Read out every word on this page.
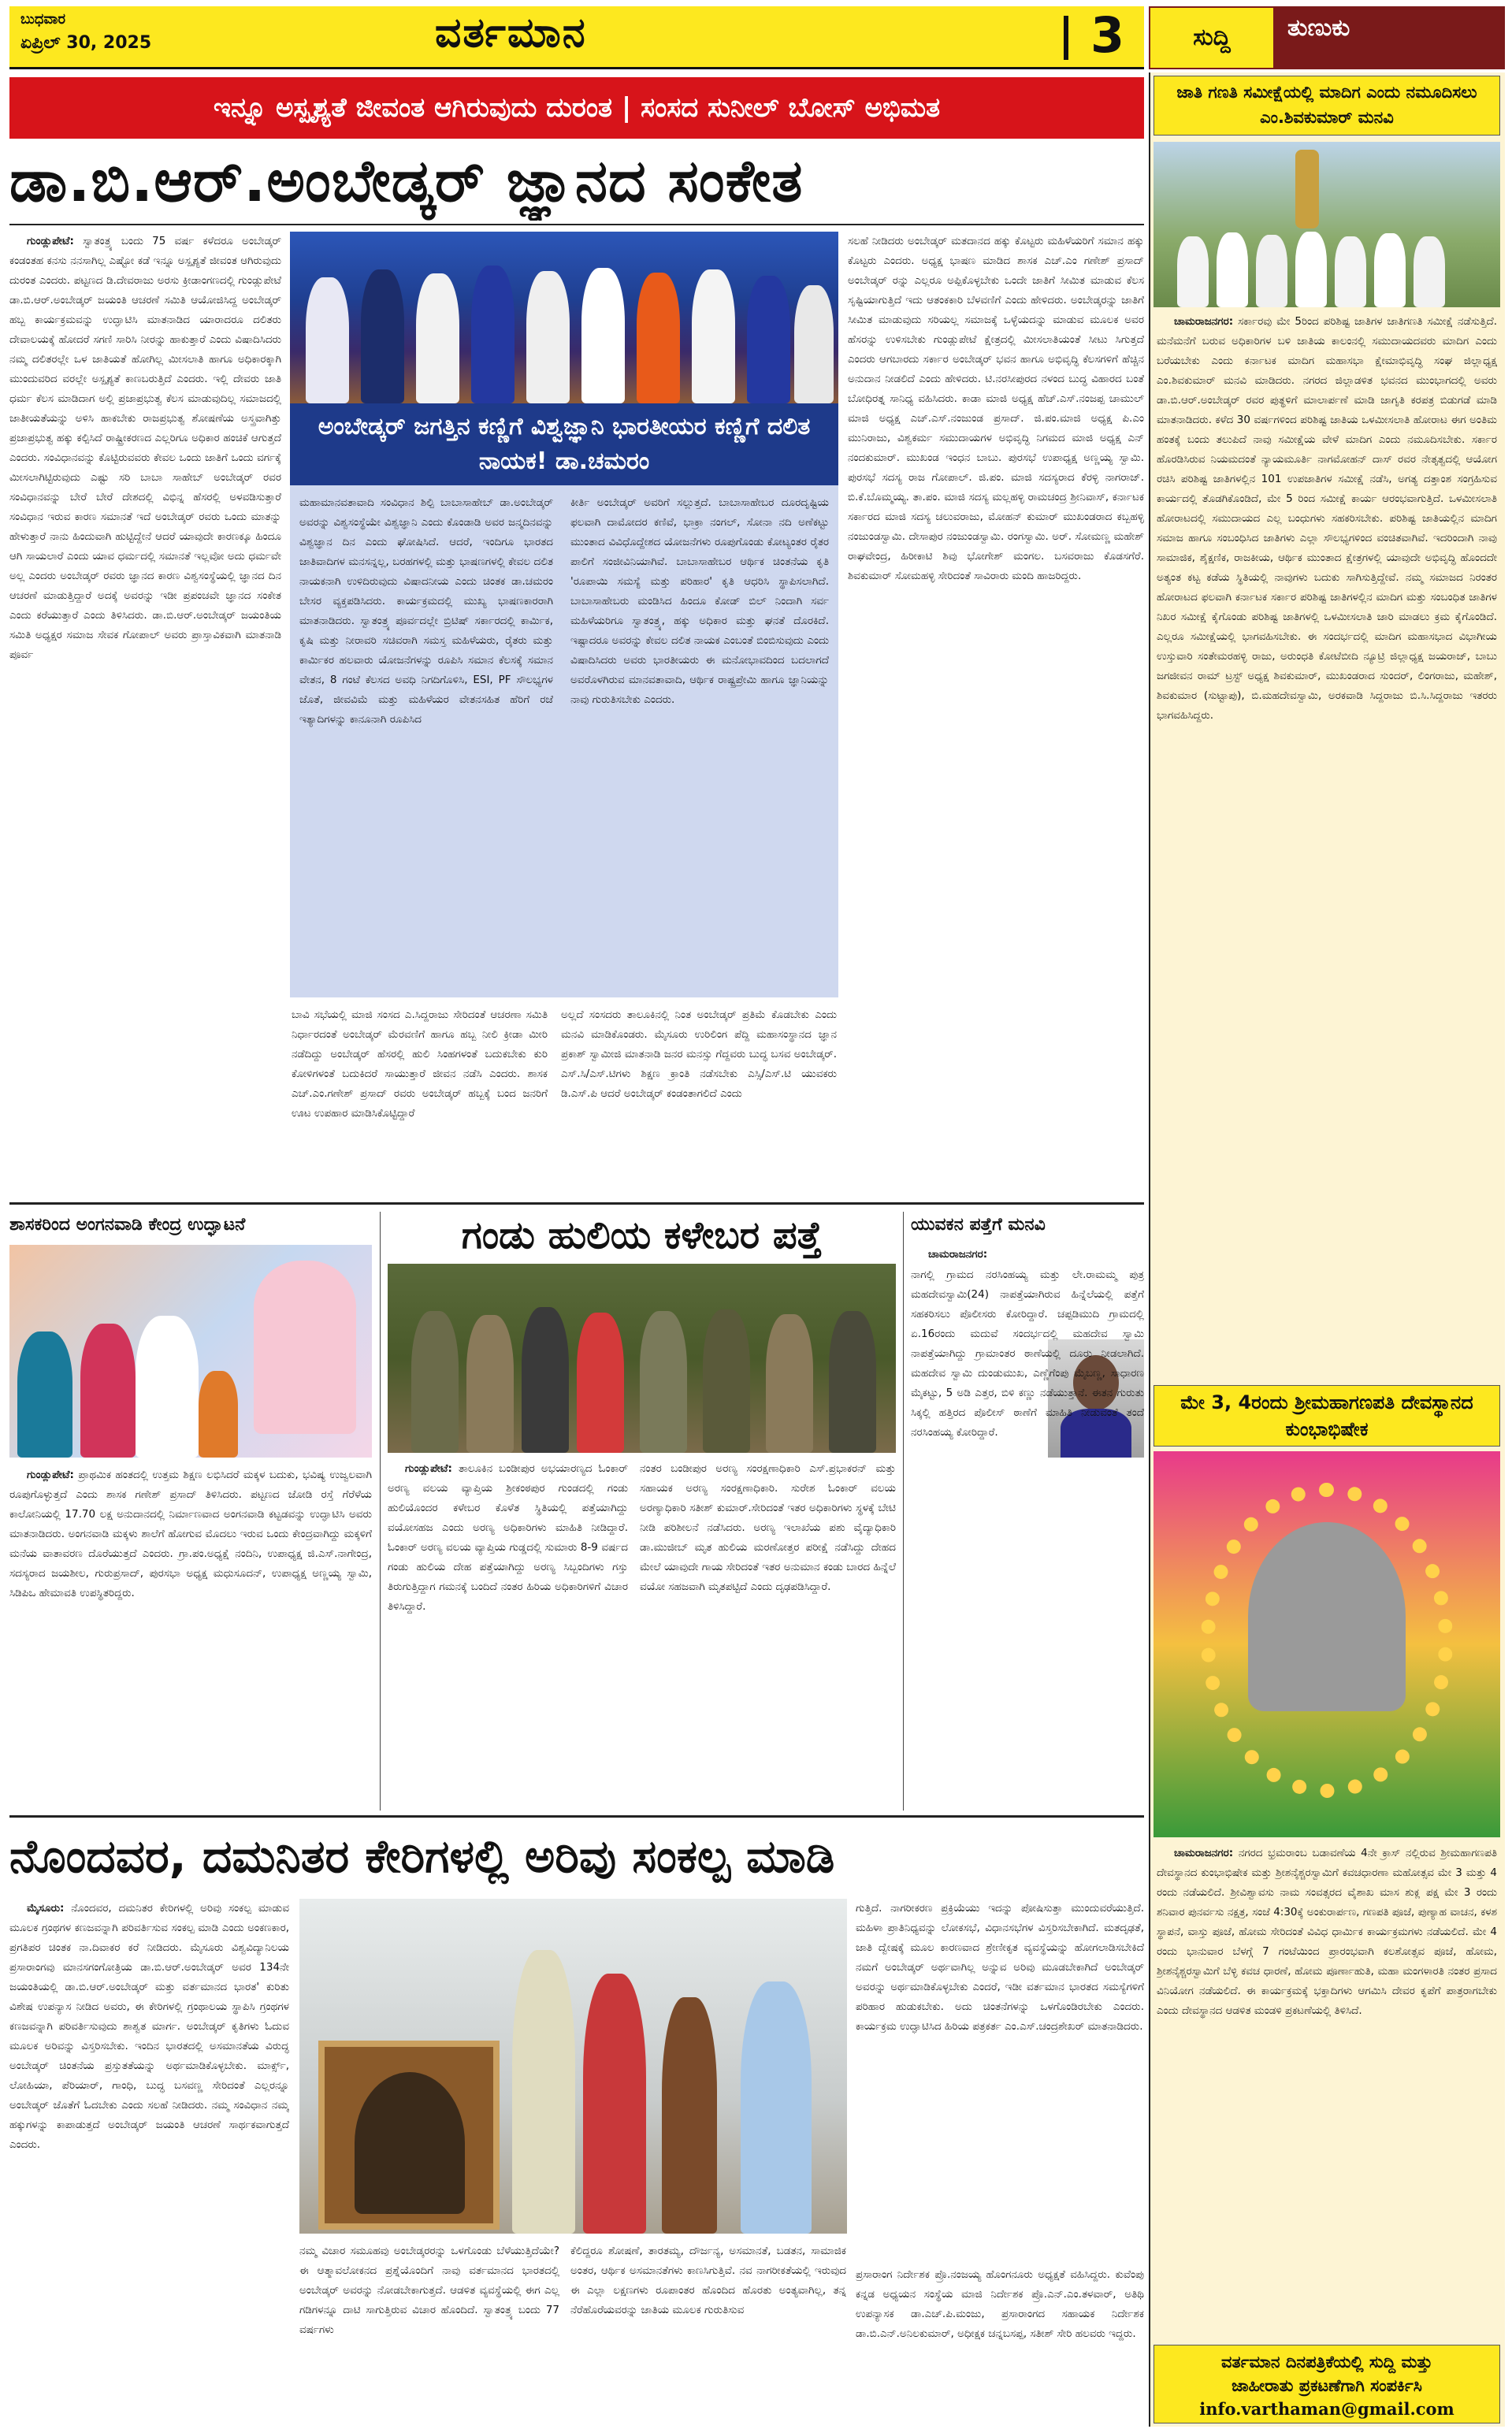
ಬುಧವಾರ
ಏಪ್ರಿಲ್ 30, 2025	ವರ್ತಮಾನ	3	ಸುದ್ದಿ	ತುಣುಕು
ಇನ್ನೂ ಅಸ್ಪೃಶ್ಯತೆ ಜೀವಂತ ಆಗಿರುವುದು ದುರಂತ | ಸಂಸದ ಸುನೀಲ್ ಬೋಸ್ ಅಭಿಮತ
ಡಾ.ಬಿ.ಆರ್.ಅಂಬೇಡ್ಕರ್ ಜ್ಞಾನದ ಸಂಕೇತ

ಗುಂಡ್ಲುಪೇಟೆ: ಸ್ವಾತಂತ್ರ್ಯ ಬಂದು 75 ವರ್ಷ ಕಳೆದರೂ ಅಂಬೇಡ್ಕರ್ ಕಂಡಂತಹ ಕನಸು ನನಸಾಗಿಲ್ಲ ಎಷ್ಟೋ ಕಡೆ ಇನ್ನೂ ಅಸ್ಪೃಶ್ಯತೆ ಜೀವಂತ ಆಗಿರುವುದು ದುರಂತ ಎಂದರು. ಪಟ್ಟಣದ ಡಿ.ದೇವರಾಜು ಅರಸು ಕ್ರೀಡಾಂಗಣದಲ್ಲಿ ಗುಂಡ್ಲುಪೇಟೆ ಡಾ.ಬಿ.ಆರ್.ಅಂಬೇಡ್ಕರ್ ಜಯಂತಿ ಆಚರಣೆ ಸಮಿತಿ ಆಯೋಜಿಸಿದ್ದ ಅಂಬೇಡ್ಕರ್ ಹಬ್ಬ ಕಾರ್ಯಕ್ರಮವನ್ನು ಉದ್ಘಾಟಿಸಿ ಮಾತನಾಡಿದ ಯಾರಾದರೂ ದಲಿತರು ದೇವಾಲಯಕ್ಕೆ ಹೋದರೆ ಸಗಣಿ ಸಾರಿಸಿ ನೀರನ್ನು ಹಾಕುತ್ತಾರೆ ಎಂದು ವಿಷಾದಿಸಿದರು ನಮ್ಮ ದಲಿತರಲ್ಲೇ ಒಳ ಜಾತಿಯತೆ ಹೋಗಿಲ್ಲ ಮೀಸಲಾತಿ ಹಾಗೂ ಅಧಿಕಾರಕ್ಕಾಗಿ ಮುಂದುವರಿದ ವರಲ್ಲೇ ಅಸ್ಪೃಶ್ಯತೆ ಕಾಣಬರುತ್ತಿದೆ ಎಂದರು. ಇಲ್ಲಿ ದೇವರು ಜಾತಿ ಧರ್ಮ ಕೆಲಸ ಮಾಡಿದಾಗ ಅಲ್ಲಿ ಪ್ರಜಾಪ್ರಭುತ್ವ ಕೆಲಸ ಮಾಡುವುದಿಲ್ಲ ಸಮಾಜದಲ್ಲಿ ಜಾತೀಯತೆಯನ್ನು ಅಳಿಸಿ ಹಾಕಬೇಕು ರಾಜಪ್ರಭುತ್ವ ಶೋಷಣೆಯ ಅಸ್ತ್ರವಾಗಿತ್ತು ಪ್ರಜಾಪ್ರಭುತ್ವ ಹಕ್ಕು ಕಲ್ಪಿಸಿದೆ ರಾಷ್ಟ್ರೀಕರಣದ ಎಲ್ಲರಿಗೂ ಅಧಿಕಾರ ಹಂಚಿಕೆ ಆಗುತ್ತದೆ ಎಂದರು. ಸಂವಿಧಾನವನ್ನು ಕೊಟ್ಟಿರುವವರು ಕೇವಲ ಒಂದು ಜಾತಿಗೆ ಒಂದು ವರ್ಗಕ್ಕೆ ಮೀಸಲಾಗಿಟ್ಟಿರುವುದು ಎಷ್ಟು ಸರಿ ಬಾಬಾ ಸಾಹೇಬ್ ಅಂಬೇಡ್ಕರ್ ರವರ ಸಂವಿಧಾನವನ್ನು ಬೇರೆ ಬೇರೆ ದೇಶದಲ್ಲಿ ವಿಭಿನ್ನ ಹೆಸರಲ್ಲಿ ಅಳವಡಿಸುತ್ತಾರೆ ಸಂವಿಧಾನ ಇರುವ ಕಾರಣ ಸಮಾನತೆ ಇದೆ ಅಂಬೇಡ್ಕರ್ ರವರು ಒಂದು ಮಾತನ್ನು ಹೇಳುತ್ತಾರೆ ನಾನು ಹಿಂದುವಾಗಿ ಹುಟ್ಟಿದ್ದೇನೆ ಆದರೆ ಯಾವುದೇ ಕಾರಣಕ್ಕೂ ಹಿಂದೂ ಆಗಿ ಸಾಯಲಾರೆ ಎಂದು ಯಾವ ಧರ್ಮದಲ್ಲಿ ಸಮಾನತೆ ಇಲ್ಲವೋ ಅದು ಧರ್ಮವೇ ಅಲ್ಲ ಎಂದರು ಅಂಬೇಡ್ಕರ್ ರವರು ಜ್ಞಾನದ ಕಾರಣ ವಿಶ್ವಸಂಸ್ಥೆಯಲ್ಲಿ ಜ್ಞಾನದ ದಿನ ಆಚರಣೆ ಮಾಡುತ್ತಿದ್ದಾರೆ ಅದಕ್ಕೆ ಅವರನ್ನು ಇಡೀ ಪ್ರಪಂಚವೇ ಜ್ಞಾನದ ಸಂಕೇತ ಎಂದು ಕರೆಯುತ್ತಾರೆ ಎಂದು ತಿಳಿಸಿದರು. ಡಾ.ಬಿ.ಆರ್.ಅಂಬೇಡ್ಕರ್ ಜಯಂತಿಯ ಸಮಿತಿ ಅಧ್ಯಕ್ಷರ ಸಮಾಜ ಸೇವಕ ಗೋಪಾಲ್ ಅವರು ಪ್ರಾಸ್ತಾವಿಕವಾಗಿ ಮಾತನಾಡಿ ಪೂರ್ವ

ಅಂಬೇಡ್ಕರ್ ಜಗತ್ತಿನ ಕಣ್ಣಿಗೆ ವಿಶ್ವಜ್ಞಾನಿ ಭಾರತೀಯರ ಕಣ್ಣಿಗೆ ದಲಿತ ನಾಯಕ! ಡಾ.ಚಮರಂ
ಮಹಾಮಾನವತಾವಾದಿ ಸಂವಿಧಾನ ಶಿಲ್ಪಿ ಬಾಬಾಸಾಹೇಬ್ ಡಾ.ಅಂಬೇಡ್ಕರ್ ಅವರನ್ನು ವಿಶ್ವಸಂಸ್ಥೆಯೇ ವಿಶ್ವಜ್ಞಾನಿ ಎಂದು ಕೊಂಡಾಡಿ ಅವರ ಜನ್ಮದಿನವನ್ನು ವಿಶ್ವಜ್ಞಾನ ದಿನ ಎಂದು ಘೋಷಿಸಿದೆ. ಆದರೆ, ಇಂದಿಗೂ ಭಾರತದ ಜಾತಿವಾದಿಗಳ ಮನಸನ್ನಲ್ಲ, ಬರಹಗಳಲ್ಲಿ ಮತ್ತು ಭಾಷಣಗಳಲ್ಲಿ ಕೇವಲ ದಲಿತ ನಾಯಕನಾಗಿ ಉಳಿದಿರುವುದು ವಿಷಾದನೀಯ ಎಂದು ಚಿಂತಕ ಡಾ.ಚಮರಂ ಬೇಸರ ವ್ಯಕ್ತಪಡಿಸಿದರು. ಕಾರ್ಯಕ್ರಮದಲ್ಲಿ ಮುಖ್ಯ ಭಾಷಣಕಾರರಾಗಿ ಮಾತನಾಡಿದರು. ಸ್ವಾತಂತ್ರ್ಯ ಪೂರ್ವದಲ್ಲೇ ಬ್ರಿಟಿಷ್ ಸರ್ಕಾರದಲ್ಲಿ ಕಾರ್ಮಿಕ, ಕೃಷಿ ಮತ್ತು ನೀರಾವರಿ ಸಚಿವರಾಗಿ ಸಮಸ್ತ ಮಹಿಳೆಯರು, ರೈತರು ಮತ್ತು ಕಾರ್ಮಿಕರ ಹಲವಾರು ಯೋಜನೆಗಳನ್ನು ರೂಪಿಸಿ ಸಮಾನ ಕೆಲಸಕ್ಕೆ ಸಮಾನ ವೇತನ, 8 ಗಂಟೆ ಕೆಲಸದ ಅವಧಿ ನಿಗದಿಗೊಳಿಸಿ, ESI, PF ಸೌಲಭ್ಯಗಳ ಜೊತೆ, ಜೀವವಿಮೆ ಮತ್ತು ಮಹಿಳೆಯರ ವೇತನಸಹಿತ ಹೆರಿಗೆ ರಜೆ ಇತ್ಯಾದಿಗಳನ್ನು ಕಾನೂನಾಗಿ ರೂಪಿಸಿದ
ಕೀರ್ತಿ ಅಂಬೇಡ್ಕರ್ ಅವರಿಗೆ ಸಲ್ಲುತ್ತದೆ. ಬಾಬಾಸಾಹೇಬರ ದೂರದೃಷ್ಟಿಯ ಫಲವಾಗಿ ದಾಮೋದರ ಕಣಿವೆ, ಭಾಕ್ರಾ ನಂಗಲ್, ಸೋನಾ ನದಿ ಅಣೆಕಟ್ಟು ಮುಂತಾದ ವಿವಿಧೊದ್ದೇಶದ ಯೋಜನೆಗಳು ರೂಪುಗೊಂಡು ಕೋಟ್ಯಂತರ ರೈತರ ಪಾಲಿಗೆ ಸಂಜೀವಿನಿಯಾಗಿವೆ. ಬಾಬಾಸಾಹೇಬರ ಆರ್ಥಿಕ ಚಿಂತನೆಯ ಕೃತಿ 'ರೂಪಾಯಿ ಸಮಸ್ಯೆ ಮತ್ತು ಪರಿಹಾರ' ಕೃತಿ ಆಧರಿಸಿ ಸ್ಥಾಪಿಸಲಾಗಿದೆ. ಬಾಬಾಸಾಹೇಬರು ಮಂಡಿಸಿದ ಹಿಂದೂ ಕೋಡ್ ಬಿಲ್ ನಿಂದಾಗಿ ಸರ್ವ ಮಹಿಳೆಯರಿಗೂ ಸ್ವಾತಂತ್ರ್ಯ, ಹಕ್ಕು ಅಧಿಕಾರ ಮತ್ತು ಘನತೆ ದೊರಕಿದೆ. ಇಷ್ಟಾದರೂ ಅವರನ್ನು ಕೇವಲ ದಲಿತ ನಾಯಕ ಎಂಬಂತೆ ಬಿಂಬಿಸುವುದು ಎಂದು ವಿಷಾದಿಸಿದರು ಅವರು ಭಾರತೀಯರು ಈ ಮನೋಭಾವದಿಂದ ಬದಲಾಗದೆ ಅವರೊಳಗಿರುವ ಮಾನವತಾವಾದಿ, ಆರ್ಥಿಕ ರಾಷ್ಟ್ರಪ್ರೇಮಿ ಹಾಗೂ ಜ್ಞಾನಿಯನ್ನು ನಾವು ಗುರುತಿಸಬೇಕು ಎಂದರು.
ಬಾವಿ ಸಭೆಯಲ್ಲಿ ಮಾಜಿ ಸಂಸದ ಎ.ಸಿದ್ದರಾಜು ಸೇರಿದಂತೆ ಆಚರಣಾ ಸಮಿತಿ ನಿರ್ಧಾರದಂತೆ ಅಂಬೇಡ್ಕರ್ ಮೆರವಣಿಗೆ ಹಾಗೂ ಹಬ್ಬ ನೀಲಿ ಕ್ರೀಡಾ ಮೀರಿ ನಡೆದಿದ್ದು ಅಂಬೇಡ್ಕರ್ ಹೆಸರಲ್ಲಿ ಹುಲಿ ಸಿಂಹಗಳಂತೆ ಬದುಕಬೇಕು ಕುರಿ ಕೋಳಿಗಳಂತೆ ಬದುಕಿದರೆ ಸಾಯುತ್ತಾರೆ ಜೀವನ ನಡೆಸಿ ಎಂದರು. ಶಾಸಕ ಎಚ್.ಎಂ.ಗಣೇಶ್ ಪ್ರಸಾದ್ ರವರು ಅಂಬೇಡ್ಕರ್ ಹಬ್ಬಕ್ಕೆ ಬಂದ ಜನರಿಗೆ ಊಟ ಉಪಹಾರ ಮಾಡಿಸಿಕೊಟ್ಟಿದ್ದಾರೆ
ಅಲ್ಲದೆ ಸಂಸದರು ತಾಲೂಕಿನಲ್ಲಿ ನಿಂತ ಅಂಬೇಡ್ಕರ್ ಪ್ರತಿಮೆ ಕೊಡಬೇಕು ಎಂದು ಮನವಿ ಮಾಡಿಕೊಂಡರು. ಮೈಸೂರು ಉರಿಲಿಂಗ ಪೆದ್ದಿ ಮಹಾಸಂಸ್ಥಾನದ ಜ್ಞಾನ ಪ್ರಕಾಶ್ ಸ್ವಾಮೀಜಿ ಮಾತನಾಡಿ ಜನರ ಮನಸ್ಸು ಗೆದ್ದವರು ಬುದ್ಧ ಬಸವ ಅಂಬೇಡ್ಕರ್. ಎಸ್.ಸಿ/ಎಸ್.ಟಿಗಳು ಶಿಕ್ಷಣ ಕ್ರಾಂತಿ ನಡೆಸಬೇಕು ಎಸ್ಸಿ/ಎಸ್.ಟಿ ಯುವಕರು ಡಿ.ಎಸ್.ಪಿ ಆದರೆ ಅಂಬೇಡ್ಕರ್ ಕಂಡಂತಾಗಲಿದೆ ಎಂದು
ಸಲಹೆ ನೀಡಿದರು ಅಂಬೇಡ್ಕರ್ ಮತದಾನದ ಹಕ್ಕು ಕೊಟ್ಟರು ಮಹಿಳೆಯರಿಗೆ ಸಮಾನ ಹಕ್ಕು ಕೊಟ್ಟರು ಎಂದರು. ಅಧ್ಯಕ್ಷ ಭಾಷಣ ಮಾಡಿದ ಶಾಸಕ ಎಚ್.ಎಂ ಗಣೇಶ್ ಪ್ರಸಾದ್ ಅಂಬೇಡ್ಕರ್ ರನ್ನು ಎಲ್ಲರೂ ಅಪ್ಪಿಕೊಳ್ಳಬೇಕು ಒಂದೇ ಜಾತಿಗೆ ಸೀಮಿತ ಮಾಡುವ ಕೆಲಸ ಸೃಷ್ಟಿಯಾಗುತ್ತಿದೆ ಇದು ಆತಂಕಕಾರಿ ಬೆಳವಣಿಗೆ ಎಂದು ಹೇಳಿದರು. ಅಂಬೇಡ್ಕರನ್ನು ಜಾತಿಗೆ ಸೀಮಿತ ಮಾಡುವುದು ಸರಿಯಲ್ಲ ಸಮಾಜಕ್ಕೆ ಒಳ್ಳೆಯದನ್ನು ಮಾಡುವ ಮೂಲಕ ಅವರ ಹೆಸರನ್ನು ಉಳಿಸಬೇಕು ಗುಂಡ್ಲುಪೇಟೆ ಕ್ಷೇತ್ರದಲ್ಲಿ ಮೀಸಲಾತಿಯಂತೆ ಸೀಟು ಸಿಗುತ್ತದೆ ಎಂದರು ಆಗಬಾರದು ಸರ್ಕಾರ ಅಂಬೇಡ್ಕರ್ ಭವನ ಹಾಗೂ ಅಭಿವೃದ್ಧಿ ಕೆಲಸಗಳಿಗೆ ಹೆಚ್ಚಿನ ಅನುದಾನ ನೀಡಲಿದೆ ಎಂದು ಹೇಳಿದರು. ಟಿ.ನರಸೀಪುರದ ನಳಂದ ಬುದ್ಧ ವಿಹಾರದ ಬಂತೆ ಬೋಧಿರತ್ನ ಸಾನಿಧ್ಯ ವಹಿಸಿದರು. ಕಾಡಾ ಮಾಜಿ ಅಧ್ಯಕ್ಷ ಹೆಚ್.ಎಸ್.ನಂಜಪ್ಪ ಚಾಮುಲ್ ಮಾಜಿ ಅಧ್ಯಕ್ಷ ಎಚ್.ಎಸ್.ನಂಜುಂಡ ಪ್ರಸಾದ್. ಜಿ.ಪಂ.ಮಾಜಿ ಅಧ್ಯಕ್ಷ ಪಿ.ಎಂ ಮುನಿರಾಜು, ವಿಶ್ವಕರ್ಮ ಸಮುದಾಯಗಳ ಅಭಿವೃದ್ಧಿ ನಿಗಮದ ಮಾಜಿ ಅಧ್ಯಕ್ಷ ಎನ್ ನಂದಕುಮಾರ್. ಮುಖಂಡ ಇಂಧನ ಬಾಬು. ಪುರಸಭೆ ಉಪಾಧ್ಯಕ್ಷ ಅಣ್ಣಯ್ಯ ಸ್ವಾಮಿ. ಪುರಸಭೆ ಸದಸ್ಯ ರಾಜ ಗೋಪಾಲ್. ಜಿ.ಪಂ. ಮಾಜಿ ಸದಸ್ಯರಾದ ಕೆರಳ್ಳಿ ನಾಗರಾಜ್. ಬಿ.ಕೆ.ಬೊಮ್ಮಯ್ಯ. ತಾ.ಪಂ. ಮಾಜಿ ಸದಸ್ಯ ಮಲ್ಲಹಳ್ಳಿ ರಾಮಚಂದ್ರ ಶ್ರೀನಿವಾಸ್, ಕರ್ನಾಟಕ ಸರ್ಕಾರದ ಮಾಜಿ ಸದಸ್ಯ ಚಲುವರಾಜು, ಮೋಹನ್ ಕುಮಾರ್ ಮುಖಂಡರಾದ ಕಬ್ಬಹಳ್ಳಿ ನಂಜುಂಡಸ್ವಾಮಿ. ದೇಸಾಪುರ ನಂಜುಂಡಸ್ವಾಮಿ. ರಂಗಸ್ವಾಮಿ. ಅರ್. ಸೋಮಣ್ಣ ಮಹೇಶ್ ರಾಘವೇಂದ್ರ, ಹಿರೀಕಾಟಿ ಶಿವು ಭೋಗೇಶ್ ಮಂಗಲ. ಬಸವರಾಜು ಕೊಡಸಗೆರೆ. ಶಿವಕುಮಾರ್ ಸೋಮಹಳ್ಳಿ ಸೇರಿದಂತೆ ಸಾವಿರಾರು ಮಂದಿ ಹಾಜರಿದ್ದರು.
ಶಾಸಕರಿಂದ ಅಂಗನವಾಡಿ ಕೇಂದ್ರ ಉದ್ಘಾಟನೆ

ಗುಂಡ್ಲುಪೇಟೆ: ಪ್ರಾಥಮಿಕ ಹಂತದಲ್ಲಿ ಉತ್ತಮ ಶಿಕ್ಷಣ ಲಭಿಸಿದರೆ ಮಕ್ಕಳ ಬದುಕು, ಭವಿಷ್ಯ ಉಜ್ವಲವಾಗಿ ರೂಪುಗೊಳ್ಳುತ್ತದೆ ಎಂದು ಶಾಸಕ ಗಣೇಶ್ ಪ್ರಸಾದ್ ತಿಳಿಸಿದರು. ಪಟ್ಟಣದ ಜೋಡಿ ರಸ್ತೆ ಗೆರೆಳೆಯ ಕಾಲೋನಿಯಲ್ಲಿ 17.70 ಲಕ್ಷ ಅನುದಾನದಲ್ಲಿ ನಿರ್ಮಾಣವಾದ ಅಂಗನವಾಡಿ ಕಟ್ಟಡವನ್ನು ಉದ್ಘಾಟಿಸಿ ಅವರು ಮಾತನಾಡಿದರು. ಅಂಗನವಾಡಿ ಮಕ್ಕಳು ಶಾಲೆಗೆ ಹೋಗುವ ಮೊದಲು ಇರುವ ಒಂದು ಕೇಂದ್ರವಾಗಿದ್ದು ಮಕ್ಕಳಿಗೆ ಮನೆಯ ವಾತಾವರಣ ದೊರೆಯುತ್ತದೆ ಎಂದರು. ಗ್ರಾ.ಪಂ.ಅಧ್ಯಕ್ಷೆ ನಂದಿನಿ, ಉಪಾಧ್ಯಕ್ಷ ಜಿ.ಎಸ್.ನಾಗೇಂದ್ರ, ಸದಸ್ಯರಾದ ಜಯಶೀಲ, ಗುರುಪ್ರಸಾದ್, ಪುರಸಭಾ ಅಧ್ಯಕ್ಷ ಮಧುಸೂದನ್, ಉಪಾಧ್ಯಕ್ಷ ಅಣ್ಣಯ್ಯ ಸ್ವಾಮಿ, ಸಿಡಿಪಿಒ ಹೇಮಾವತಿ ಉಪಸ್ಥಿತರಿದ್ದರು.

ಗಂಡು ಹುಲಿಯ ಕಳೇಬರ ಪತ್ತೆ

ಗುಂಡ್ಲುಪೇಟೆ: ತಾಲೂಕಿನ ಬಂಡೀಪುರ ಅಭಯಾರಣ್ಯದ ಓಂಕಾರ್ ಅರಣ್ಯ ವಲಯ ವ್ಯಾಪ್ತಿಯ ಶ್ರೀಕಂಠಪುರ ಗುಂಡದಲ್ಲಿ ಗಂಡು ಹುಲಿಯೊಂದರ ಕಳೇಬರ ಕೊಳೆತ ಸ್ಥಿತಿಯಲ್ಲಿ ಪತ್ತೆಯಾಗಿದ್ದು ವಯೋಸಹಜ ಎಂದು ಅರಣ್ಯ ಅಧಿಕಾರಿಗಳು ಮಾಹಿತಿ ನೀಡಿದ್ದಾರೆ. ಓಂಕಾರ್ ಅರಣ್ಯ ವಲಯ ವ್ಯಾಪ್ತಿಯ ಗುಡ್ಡದಲ್ಲಿ ಸುಮಾರು 8-9 ವರ್ಷದ ಗಂಡು ಹುಲಿಯ ದೇಹ ಪತ್ತೆಯಾಗಿದ್ದು ಅರಣ್ಯ ಸಿಬ್ಬಂದಿಗಳು ಗಸ್ತು ತಿರುಗುತ್ತಿದ್ದಾಗ ಗಮನಕ್ಕೆ ಬಂದಿದೆ ನಂತರ ಹಿರಿಯ ಅಧಿಕಾರಿಗಳಿಗೆ ವಿಚಾರ ತಿಳಿಸಿದ್ದಾರೆ.

ನಂತರ ಬಂಡೀಪುರ ಅರಣ್ಯ ಸಂರಕ್ಷಣಾಧಿಕಾರಿ ಎಸ್.ಪ್ರಭಾಕರನ್ ಮತ್ತು ಸಹಾಯಕ ಅರಣ್ಯ ಸಂರಕ್ಷಣಾಧಿಕಾರಿ. ಸುರೇಶ ಓಂಕಾರ್ ವಲಯ ಅರಣ್ಯಾಧಿಕಾರಿ ಸತೀಶ್ ಕುಮಾರ್.ಸೇರಿದಂತೆ ಇತರ ಅಧಿಕಾರಿಗಳು ಸ್ಥಳಕ್ಕೆ ಬೇಟಿ ನೀಡಿ ಪರಿಶೀಲನೆ ನಡೆಸಿದರು. ಅರಣ್ಯ ಇಲಾಖೆಯ ಪಶು ವೈದ್ಯಾಧಿಕಾರಿ ಡಾ.ಮುಜೀಬ್ ಮೃತ ಹುಲಿಯ ಮರಣೋತ್ತರ ಪರೀಕ್ಷೆ ನಡೆಸಿದ್ದು ದೇಹದ ಮೇಲೆ ಯಾವುದೇ ಗಾಯ ಸೇರಿದಂತೆ ಇತರ ಅನುಮಾನ ಕಂಡು ಬಾರದ ಹಿನ್ನೆಲೆ ವಯೋ ಸಹಜವಾಗಿ ಮೃತಪಟ್ಟಿದೆ ಎಂದು ದೃಢಪಡಿಸಿದ್ದಾರೆ.
ಯುವಕನ ಪತ್ತೆಗೆ ಮನವಿ

ಚಾಮರಾಜನಗರ:

ನಾಗಲ್ಲಿ ಗ್ರಾಮದ ನರಸಿಂಹಯ್ಯ ಮತ್ತು ಲೇ.ರಾಮಮ್ಮ ಪುತ್ರ ಮಹದೇವಸ್ವಾಮಿ(24) ನಾಪತ್ತೆಯಾಗಿರುವ ಹಿನ್ನೆಲೆಯಲ್ಲಿ ಪತ್ತೆಗೆ ಸಹಕರಿಸಲು ಪೊಲೀಸರು ಕೋರಿದ್ದಾರೆ. ಚಪ್ಪಡಿಮುದಿ ಗ್ರಾಮದಲ್ಲಿ ಏ.16ರಂದು ಮದುವೆ ಸಂದರ್ಭದಲ್ಲಿ ಮಹದೇವ ಸ್ವಾಮಿ ನಾಪತ್ತೆಯಾಗಿದ್ದು ಗ್ರಾಮಾಂತರ ಠಾಣೆಯಲ್ಲಿ ದೂರು ನೀಡಲಾಗಿದೆ. ಮಹದೇವ ಸ್ವಾಮಿ ದುಂಡುಮುಖ, ಎಣ್ಣೆಗೆಂಪು ಮೈಬಣ್ಣ, ಸಾಧಾರಣ ಮೈಕಟ್ಟು, 5 ಅಡಿ ಎತ್ತರ, ಬಿಳಿ ಕಣ್ಣು ನಡೆಯುತ್ತಾನೆ. ಈತನ ಗುರುತು ಸಿಕ್ಕಲ್ಲಿ ಹತ್ತಿರದ ಪೊಲೀಸ್ ಠಾಣೆಗೆ ಮಾಹಿತಿ ನೀಡುವಂತೆ ತಂದೆ ನರಸಿಂಹಯ್ಯ ಕೋರಿದ್ದಾರೆ.
ನೊಂದವರ, ದಮನಿತರ ಕೇರಿಗಳಲ್ಲಿ ಅರಿವು ಸಂಕಲ್ಪ ಮಾಡಿ

ಮೈಸೂರು: ನೊಂದವರ, ದಮನಿತರ ಕೇರಿಗಳಲ್ಲಿ ಅರಿವು ಸಂಕಲ್ಪ ಮಾಡುವ ಮೂಲಕ ಗ್ರಂಥಗಳ ಕಣಜವನ್ನಾಗಿ ಪರಿವರ್ತಿಸುವ ಸಂಕಲ್ಪ ಮಾಡಿ ಎಂದು ಅಂಕಣಕಾರ, ಪ್ರಗತಿಪರ ಚಿಂತಕ ನಾ.ದಿವಾಕರ ಕರೆ ನೀಡಿದರು. ಮೈಸೂರು ವಿಶ್ವವಿದ್ಯಾನಿಲಯ ಪ್ರಸಾರಾಂಗವು ಮಾನಸಗಂಗೋತ್ರಿಯ ಡಾ.ಬಿ.ಆರ್.ಅಂಬೇಡ್ಕರ್ ಅವರ 134ನೇ ಜಯಂತಿಯಲ್ಲಿ ಡಾ.ಬಿ.ಆರ್.ಅಂಬೇಡ್ಕರ್ ಮತ್ತು ವರ್ತಮಾನದ ಭಾರತ' ಕುರಿತು ವಿಶೇಷ ಉಪನ್ಯಾಸ ನೀಡಿದ ಅವರು, ಈ ಕೇರಿಗಳಲ್ಲಿ ಗ್ರಂಥಾಲಯ ಸ್ಥಾಪಿಸಿ ಗ್ರಂಥಗಳ ಕಣಜವನ್ನಾಗಿ ಪರಿವರ್ತಿಸುವುದು ಶಾಶ್ವತ ಮಾರ್ಗ. ಅಂಬೇಡ್ಕರ್ ಕೃತಿಗಳು ಓದುವ ಮೂಲಕ ಅರಿವನ್ನು ವಿಸ್ತರಿಸಬೇಕು. ಇಂದಿನ ಭಾರತದಲ್ಲಿ ಅಸಮಾನತೆಯ ವಿರುದ್ಧ ಅಂಬೇಡ್ಕರ್ ಚಿಂತನೆಯ ಪ್ರಸ್ತುತತೆಯನ್ನು ಅರ್ಥಮಾಡಿಕೊಳ್ಳಬೇಕು. ಮಾರ್ಕ್ಸ್, ಲೋಹಿಯಾ, ಪೆರಿಯಾರ್, ಗಾಂಧಿ, ಬುದ್ಧ ಬಸವಣ್ಣ ಸೇರಿದಂತೆ ಎಲ್ಲರನ್ನೂ ಅಂಬೇಡ್ಕರ್ ಜೊತೆಗೆ ಓದಬೇಕು ಎಂದು ಸಲಹೆ ನೀಡಿದರು. ನಮ್ಮ ಸಂವಿಧಾನ ನಮ್ಮ ಹಕ್ಕುಗಳನ್ನು ಕಾಪಾಡುತ್ತದೆ ಅಂಬೇಡ್ಕರ್ ಜಯಂತಿ ಆಚರಣೆ ಸಾರ್ಥಕವಾಗುತ್ತದೆ ಎಂದರು.

ನಮ್ಮ ವಿಚಾರ ಸಮೂಹವು ಅಂಬೇಡ್ಕರರನ್ನು ಒಳಗೊಂಡು ಬೆಳೆಯುತ್ತಿದೆಯೇ? ಈ ಆತ್ಮಾವಲೋಕನದ ಪ್ರಶ್ನೆಯೊಂದಿಗೆ ನಾವು ವರ್ತಮಾನದ ಭಾರತದಲ್ಲಿ ಅಂಬೇಡ್ಕರ್ ಅವರನ್ನು ನೋಡಬೇಕಾಗುತ್ತದೆ. ಆಡಳಿತ ವ್ಯವಸ್ಥೆಯಲ್ಲಿ ಈಗ ಎಲ್ಲ ಗಡಿಗಳನ್ನೂ ದಾಟಿ ಸಾಗುತ್ತಿರುವ ವಿಚಾರ ಹೊಂದಿದೆ. ಸ್ವಾತಂತ್ರ್ಯ ಬಂದು 77 ವರ್ಷಗಳು
ಕೆಲಿದ್ದರೂ ಶೋಷಣೆ, ತಾರತಮ್ಯ, ದೌರ್ಜನ್ಯ, ಅಸಮಾನತೆ, ಬಡತನ, ಸಾಮಾಜಿಕ ಅಂತರ, ಆರ್ಥಿಕ ಅಸಮಾನತೆಗಳು ಕಾಣಸಿಗುತ್ತಿವೆ. ನವ ನಾಗರೀಕತೆಯಲ್ಲಿ ಇರುವುದ ಈ ಎಲ್ಲಾ ಲಕ್ಷಣಗಳು ರೂಪಾಂತರ ಹೊಂದಿದ ಹೊರತು ಅಂತ್ಯವಾಗಿಲ್ಲ, ತನ್ನ ನೆರೆಹೊರೆಯವರನ್ನು ಜಾತಿಯ ಮೂಲಕ ಗುರುತಿಸುವ
ಗುತ್ತಿದೆ. ನಾಗರೀಕರಣ ಪ್ರಕ್ರಿಯೆಯು ಇದನ್ನು ಪೋಷಿಸುತ್ತಾ ಮುಂದುವರೆಯುತ್ತಿದೆ. ಮಹಿಳಾ ಪ್ರಾತಿನಿಧ್ಯವನ್ನು ಲೋಕಸಭೆ, ವಿಧಾನಸಭೆಗಳ ವಿಸ್ತರಿಸಬೇಕಾಗಿದೆ. ಮತದೃಢತೆ, ಜಾತಿ ದ್ವೇಷಕ್ಕೆ ಮೂಲ ಕಾರಣವಾದ ಶ್ರೇಣೀಕೃತ ವ್ಯವಸ್ಥೆಯನ್ನು ಹೋಗಲಾಡಿಸಬೇಕಿದೆ ನಮಗೆ ಅಂಬೇಡ್ಕರ್ ಅರ್ಥವಾಗಿಲ್ಲ ಅನ್ನುವ ಅರಿವು ಮೂಡಬೇಕಾಗಿದೆ ಅಂಬೇಡ್ಕರ್ ಅವರನ್ನು ಅರ್ಥಮಾಡಿಕೊಳ್ಳಬೇಕು ಎಂದರೆ, ಇಡೀ ವರ್ತಮಾನ ಭಾರತದ ಸಮಸ್ಯೆಗಳಿಗೆ ಪರಿಹಾರ ಹುಡುಕಬೇಕು. ಅದು ಚಿಂತನೆಗಳನ್ನು ಒಳಗೊಂಡಿರಬೇಕು ಎಂದರು. ಕಾರ್ಯಕ್ರಮ ಉದ್ಘಾಟಿಸಿದ ಹಿರಿಯ ಪತ್ರಕರ್ತ ಎಂ.ಎಸ್.ಚಂದ್ರಶೇಖರ್ ಮಾತನಾಡಿದರು.
ಪ್ರಸಾರಾಂಗ ನಿರ್ದೇಶಕ ಪ್ರೊ.ನಂಜಯ್ಯ ಹೊಂಗನೂರು ಅಧ್ಯಕ್ಷತೆ ವಹಿಸಿದ್ದರು. ಕುವೆಂಪು ಕನ್ನಡ ಅಧ್ಯಯನ ಸಂಸ್ಥೆಯ ಮಾಜಿ ನಿರ್ದೇಶಕ ಪ್ರೊ.ಎನ್.ಎಂ.ತಳವಾರ್, ಅತಿಥಿ ಉಪನ್ಯಾಸಕ ಡಾ.ಎಚ್.ಪಿ.ಮಂಜು, ಪ್ರಸಾರಾಂಗದ ಸಹಾಯಕ ನಿರ್ದೇಶಕ ಡಾ.ಬಿ.ಎನ್.ಅನಿಲಕುಮಾರ್, ಅಧೀಕ್ಷಕ ಚನ್ನಬಸಪ್ಪ, ಸತೀಶ್ ಸೇರಿ ಹಲವರು ಇದ್ದರು.
ಜಾತಿ ಗಣತಿ ಸಮೀಕ್ಷೆಯಲ್ಲಿ ಮಾದಿಗ ಎಂದು ನಮೂದಿಸಲು ಎಂ.ಶಿವಕುಮಾರ್ ಮನವಿ

ಚಾಮರಾಜನಗರ: ಸರ್ಕಾರವು ಮೇ 5ರಿಂದ ಪರಿಶಿಷ್ಟ ಜಾತಿಗಳ ಜಾತಿಗಣತಿ ಸಮೀಕ್ಷೆ ನಡೆಸುತ್ತಿದೆ. ಮನೆಮನೆಗೆ ಬರುವ ಅಧಿಕಾರಿಗಳ ಬಳಿ ಜಾತಿಯ ಕಾಲಂನಲ್ಲಿ ಸಮುದಾಯದವರು ಮಾದಿಗ ಎಂದು ಬರೆಯಬೇಕು ಎಂದು ಕರ್ನಾಟಕ ಮಾದಿಗ ಮಹಾಸಭಾ ಕ್ಷೇಮಾಭಿವೃದ್ಧಿ ಸಂಘ ಜಿಲ್ಲಾಧ್ಯಕ್ಷ ಎಂ.ಶಿವಕುಮಾರ್ ಮನವಿ ಮಾಡಿದರು. ನಗರದ ಜಿಲ್ಲಾಡಳಿತ ಭವನದ ಮುಂಭಾಗದಲ್ಲಿ ಅವರು ಡಾ.ಬಿ.ಆರ್.ಅಂಬೇಡ್ಕರ್ ರವರ ಪುತ್ಥಳಿಗೆ ಮಾಲಾರ್ಪಣೆ ಮಾಡಿ ಜಾಗೃತಿ ಕರಪತ್ರ ಬಿಡುಗಡೆ ಮಾಡಿ ಮಾತನಾಡಿದರು. ಕಳೆದ 30 ವರ್ಷಗಳಿಂದ ಪರಿಶಿಷ್ಟ ಜಾತಿಯ ಒಳಮೀಸಲಾತಿ ಹೋರಾಟ ಈಗ ಅಂತಿಮ ಹಂತಕ್ಕೆ ಬಂದು ತಲುಪಿದೆ ನಾವು ಸಮೀಕ್ಷೆಯ ವೇಳೆ ಮಾದಿಗ ಎಂದು ನಮೂದಿಸಬೇಕು. ಸರ್ಕಾರ ಹೊರಡಿಸಿರುವ ನಿಯಮದಂತೆ ನ್ಯಾಯಮೂರ್ತಿ ನಾಗಮೋಹನ್ ದಾಸ್ ರವರ ನೇತೃತ್ವದಲ್ಲಿ ಆಯೋಗ ರಚಿಸಿ ಪರಿಶಿಷ್ಟ ಜಾತಿಗಳಲ್ಲಿನ 101 ಉಪಜಾತಿಗಳ ಸಮೀಕ್ಷೆ ನಡೆಸಿ, ಅಗತ್ಯ ದತ್ತಾಂಶ ಸಂಗ್ರಹಿಸುವ ಕಾರ್ಯದಲ್ಲಿ ತೊಡಗಿಕೊಂಡಿದೆ, ಮೇ 5 ರಿಂದ ಸಮೀಕ್ಷೆ ಕಾರ್ಯ ಆರಂಭವಾಗುತ್ತಿದೆ. ಒಳಮೀಸಲಾತಿ ಹೋರಾಟದಲ್ಲಿ ಸಮುದಾಯದ ಎಲ್ಲ ಬಂಧುಗಳು ಸಹಕರಿಸಬೇಕು. ಪರಿಶಿಷ್ಟ ಜಾತಿಯಲ್ಲಿನ ಮಾದಿಗ ಸಮಾಜ ಹಾಗೂ ಸಂಬಂಧಿಸಿದ ಜಾತಿಗಳು ಎಲ್ಲಾ ಸೌಲಭ್ಯಗಳಿಂದ ವಂಚಿತವಾಗಿವೆ. ಇದರಿಂದಾಗಿ ನಾವು ಸಾಮಾಜಿಕ, ಶೈಕ್ಷಣಿಕ, ರಾಜಕೀಯ, ಆರ್ಥಿಕ ಮುಂತಾದ ಕ್ಷೇತ್ರಗಳಲ್ಲಿ ಯಾವುದೇ ಅಭಿವೃದ್ಧಿ ಹೊಂದದೇ ಅತ್ಯಂತ ಕಟ್ಟ ಕಡೆಯ ಸ್ಥಿತಿಯಲ್ಲಿ ನಾವುಗಳು ಬದುಕು ಸಾಗಿಸುತ್ತಿದ್ದೇವೆ. ನಮ್ಮ ಸಮಾಜದ ನಿರಂತರ ಹೋರಾಟದ ಫಲವಾಗಿ ಕರ್ನಾಟಕ ಸರ್ಕಾರ ಪರಿಶಿಷ್ಟ ಜಾತಿಗಳಲ್ಲಿನ ಮಾದಿಗ ಮತ್ತು ಸಂಬಂಧಿತ ಜಾತಿಗಳ ನಿಖರ ಸಮೀಕ್ಷೆ ಕೈಗೊಂಡು ಪರಿಶಿಷ್ಟ ಜಾತಿಗಳಲ್ಲಿ ಒಳಮೀಸಲಾತಿ ಜಾರಿ ಮಾಡಲು ಕ್ರಮ ಕೈಗೊಂಡಿದೆ. ಎಲ್ಲರೂ ಸಮೀಕ್ಷೆಯಲ್ಲಿ ಭಾಗವಹಿಸಬೇಕು. ಈ ಸಂದರ್ಭದಲ್ಲಿ ಮಾದಿಗ ಮಹಾಸಭಾದ ವಿಭಾಗೀಯ ಉಸ್ತುವಾರಿ ಸಂತೇಮರಹಳ್ಳಿ ರಾಜು, ಅರುಂಧತಿ ಕೋಟೆಬೀದಿ ನ್ಯೂಟ್ರಿ ಜಿಲ್ಲಾಧ್ಯಕ್ಷ ಜಯರಾಜ್, ಬಾಬು ಜಗಜೀವನ ರಾಮ್ ಟ್ರಸ್ಟ್ ಅಧ್ಯಕ್ಷ ಶಿವಕುಮಾರ್, ಮುಖಂಡರಾದ ಸುಂದರ್, ಲಿಂಗರಾಜು, ಮಹೇಶ್, ಶಿವಕುಮಾರ (ಸುಟ್ಟಾಪು), ಬಿ.ಮಹದೇವಸ್ವಾಮಿ, ಅರಕವಾಡಿ ಸಿದ್ದರಾಜು ಬಿ.ಸಿ.ಸಿದ್ದರಾಜು ಇತರರು ಭಾಗವಹಿಸಿದ್ದರು.

ಮೇ 3, 4ರಂದು ಶ್ರೀಮಹಾಗಣಪತಿ ದೇವಸ್ಥಾನದ ಕುಂಭಾಭಿಷೇಕ

ಚಾಮರಾಜನಗರ: ನಗರದ ಭ್ರಮರಾಂಬ ಬಡಾವಣೆಯ 4ನೇ ಕ್ರಾಸ್ ನಲ್ಲಿರುವ ಶ್ರೀಮಹಾಗಣಪತಿ ದೇವಸ್ಥಾನದ ಕುಂಭಾಭಿಷೇಕ ಮತ್ತು ಶ್ರೀಶನೈಶ್ಚರಸ್ವಾಮಿಗೆ ಕವಚಧಾರಣಾ ಮಹೋತ್ಸವ ಮೇ 3 ಮತ್ತು 4 ರಂದು ನಡೆಯಲಿದೆ. ಶ್ರೀವಿಶ್ವಾವಸು ನಾಮ ಸಂವತ್ಸರದ ವೈಶಾಖ ಮಾಸ ಶುಕ್ಲ ಪಕ್ಷ ಮೇ 3 ರಂದು ಶನಿವಾರ ಪುನರ್ವಸು ನಕ್ಷತ್ರ, ಸಂಜೆ 4:30ಕ್ಕೆ ಅಂಕುರಾರ್ಪಣ, ಗಣಪತಿ ಪೂಜೆ, ಪುಣ್ಯಾಹ ವಾಚನ, ಕಳಶ ಸ್ಥಾಪನೆ, ವಾಸ್ತು ಪೂಜೆ, ಹೋಮ ಸೇರಿದಂತೆ ವಿವಿಧ ಧಾರ್ಮಿಕ ಕಾರ್ಯಕ್ರಮಗಳು ನಡೆಯಲಿದೆ. ಮೇ 4 ರಂದು ಭಾನುವಾರ ಬೆಳಗ್ಗೆ 7 ಗಂಟೆಯಿಂದ ಪ್ರಾರಂಭವಾಗಿ ಕಲಶೋತ್ಸವ ಪೂಜೆ, ಹೋಮ, ಶ್ರೀಶನೈಶ್ಚರಸ್ವಾಮಿಗೆ ಬೆಳ್ಳಿ ಕವಚ ಧಾರಣೆ, ಹೋಮ ಪೂರ್ಣಾಹುತಿ, ಮಹಾ ಮಂಗಳಾರತಿ ನಂತರ ಪ್ರಸಾದ ವಿನಿಯೋಗ ನಡೆಯಲಿದೆ. ಈ ಕಾರ್ಯಕ್ರಮಕ್ಕೆ ಭಕ್ತಾದಿಗಳು ಆಗಮಿಸಿ ದೇವರ ಕೃಪೆಗೆ ಪಾತ್ರರಾಗಬೇಕು ಎಂದು ದೇವಸ್ಥಾನದ ಆಡಳಿತ ಮಂಡಳಿ ಪ್ರಕಟಣೆಯಲ್ಲಿ ತಿಳಿಸಿದೆ.

ವರ್ತಮಾನ ದಿನಪತ್ರಿಕೆಯಲ್ಲಿ ಸುದ್ದಿ ಮತ್ತು
ಜಾಹೀರಾತು ಪ್ರಕಟಣೆಗಾಗಿ ಸಂಪರ್ಕಿಸಿ
info.varthaman@gmail.com
